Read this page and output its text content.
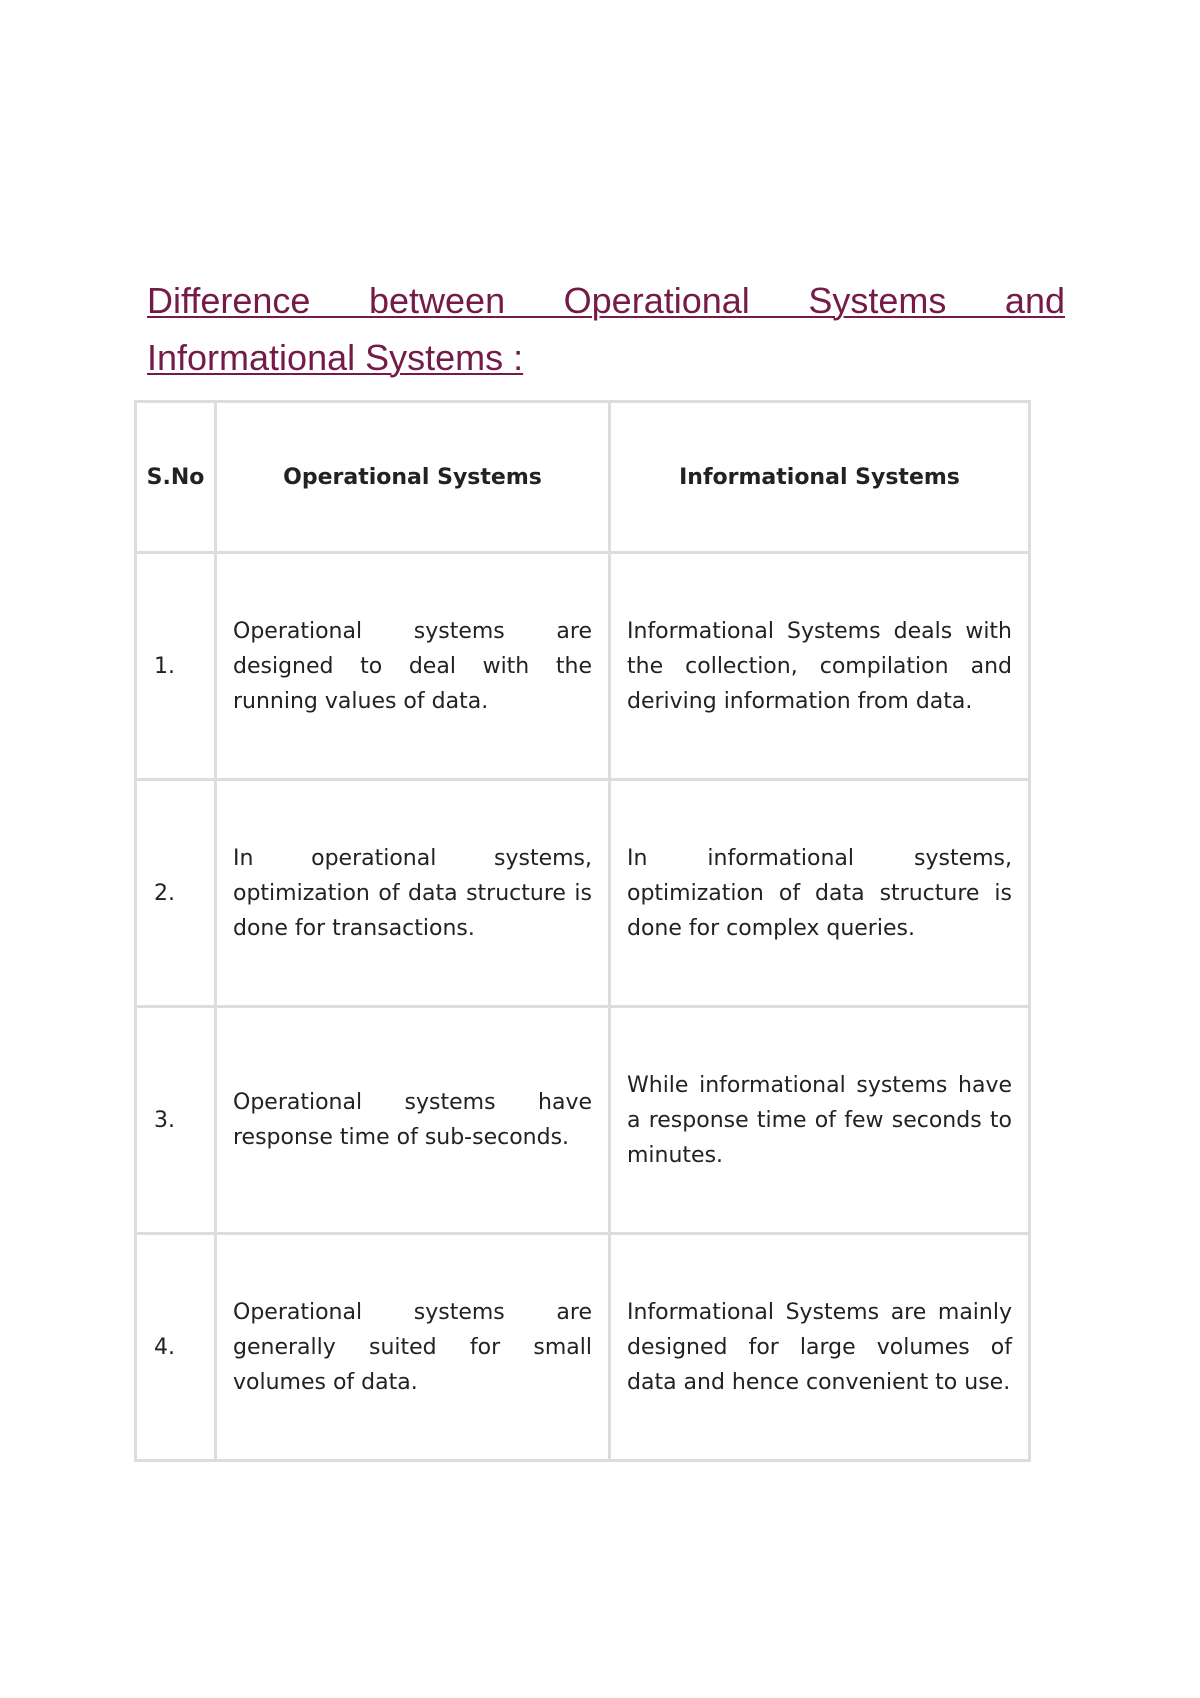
Difference between Operational Systems and Informational Systems :
S.No	Operational Systems	Informational Systems
1.	Operational systems are designed to deal with the running values of data.	Informational Systems deals with the collection, compilation and deriving information from data.
2.	In operational systems, optimization of data structure is done for transactions.	In informational systems, optimization of data structure is done for complex queries.
3.	Operational systems have response time of sub-seconds.	While informational systems have a response time of few seconds to minutes.
4.	Operational systems are generally suited for small volumes of data.	Informational Systems are mainly designed for large volumes of data and hence convenient to use.
